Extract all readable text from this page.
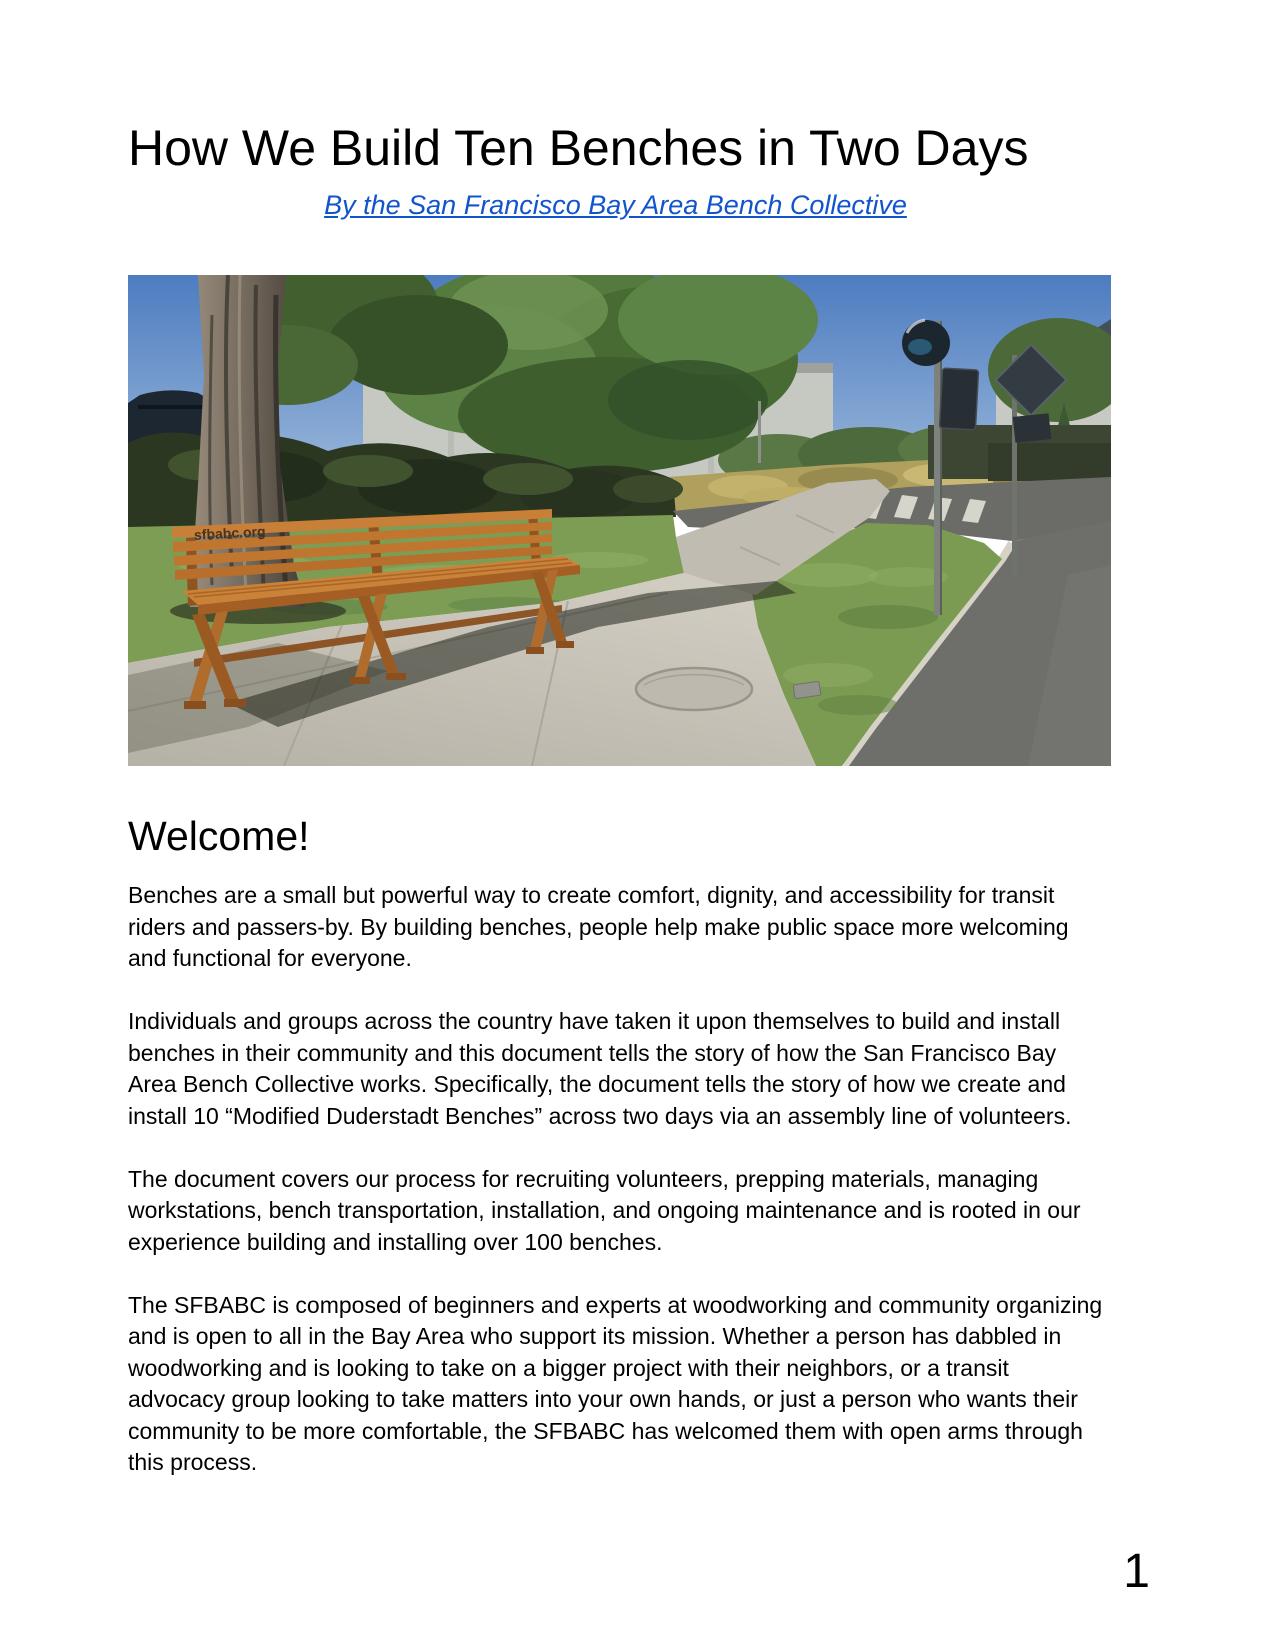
How We Build Ten Benches in Two Days
By the San Francisco Bay Area Bench Collective
sfbabc.org
Welcome!

Benches are a small but powerful way to create comfort, dignity, and accessibility for transit riders and passers-by. By building benches, people help make public space more welcoming and functional for everyone.

Individuals and groups across the country have taken it upon themselves to build and install benches in their community and this document tells the story of how the San Francisco Bay Area Bench Collective works. Specifically, the document tells the story of how we create and install 10 “Modified Duderstadt Benches” across two days via an assembly line of volunteers.

The document covers our process for recruiting volunteers, prepping materials, managing workstations, bench transportation, installation, and ongoing maintenance and is rooted in our experience building and installing over 100 benches.

The SFBABC is composed of beginners and experts at woodworking and community organizing and is open to all in the Bay Area who support its mission. Whether a person has dabbled in woodworking and is looking to take on a bigger project with their neighbors, or a transit advocacy group looking to take matters into your own hands, or just a person who wants their community to be more comfortable, the SFBABC has welcomed them with open arms through this process.

1
